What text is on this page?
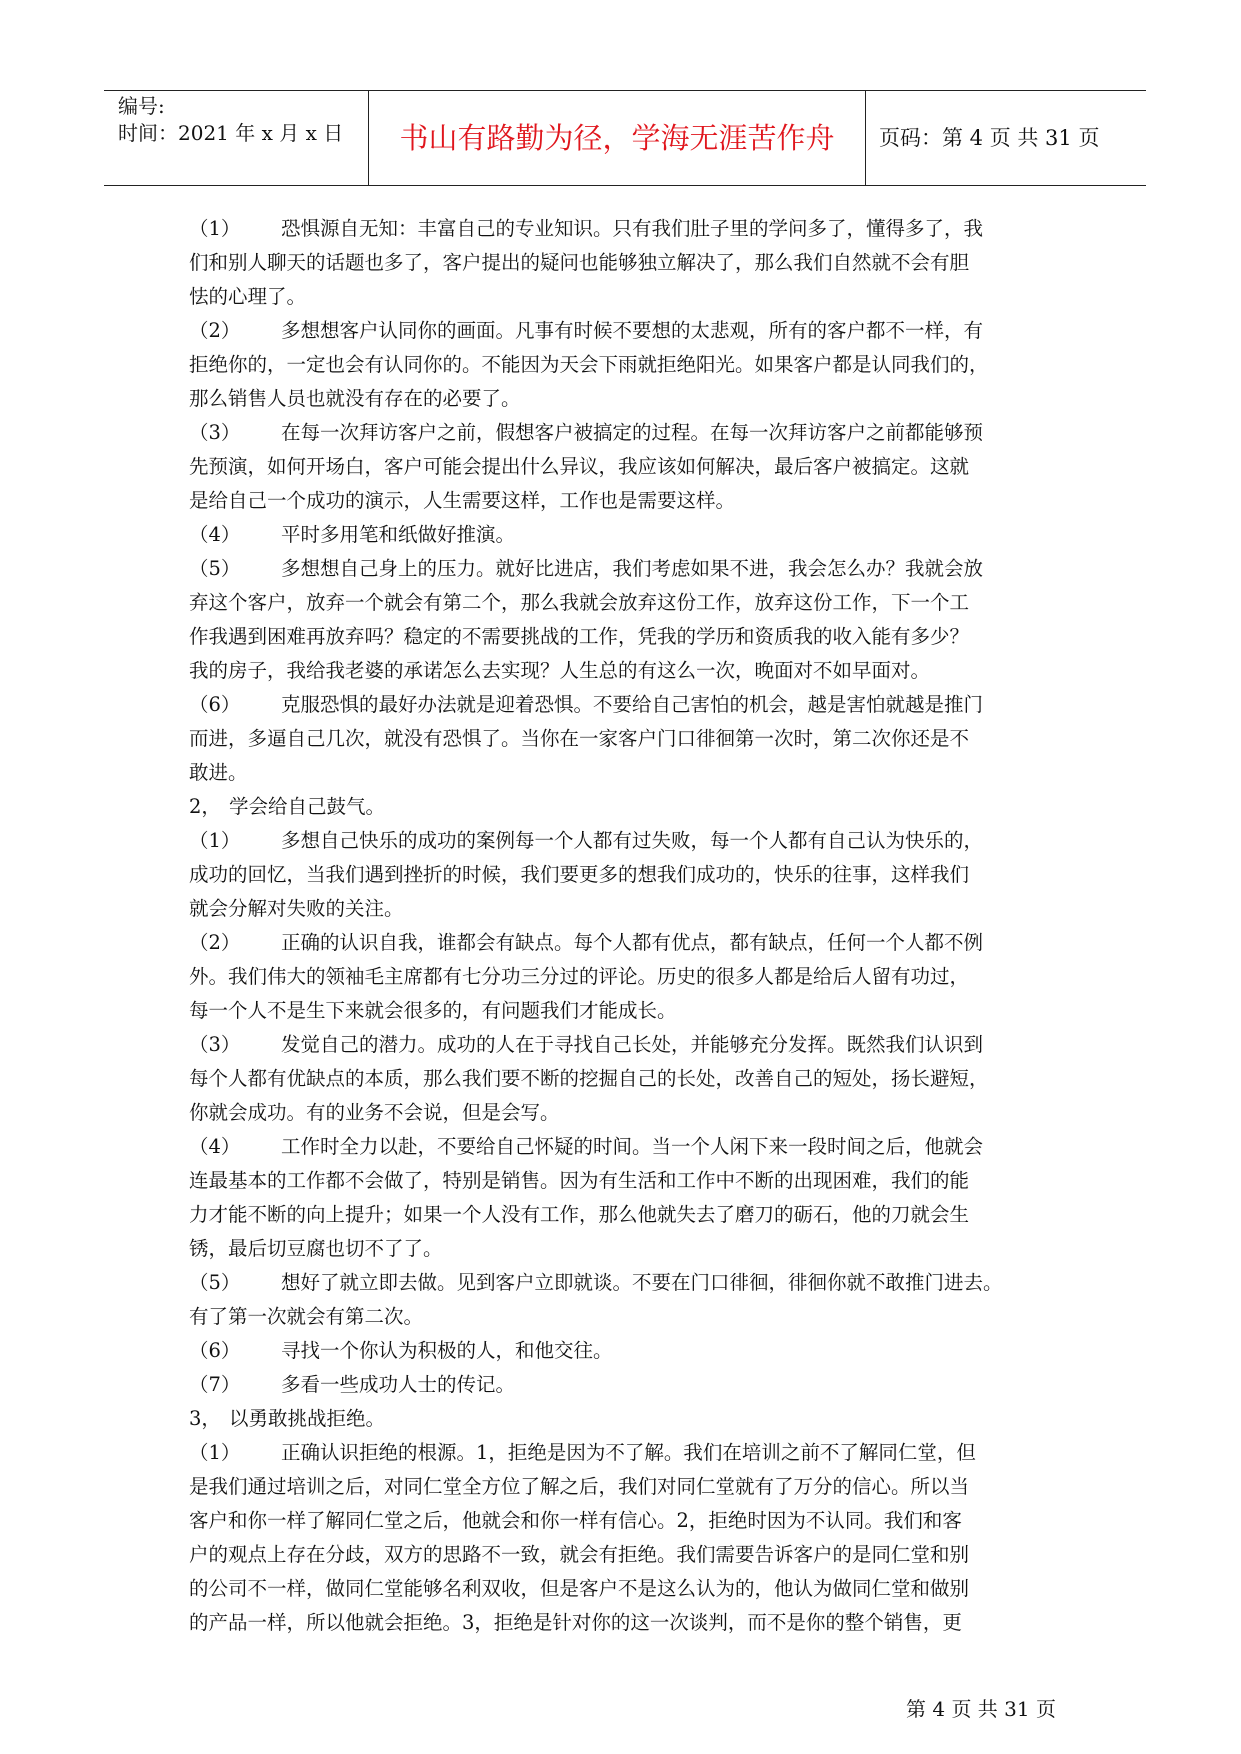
编号:
时间：2021 年 x 月 x 日	书山有路勤为径，学海无涯苦作舟	页码：第 4 页 共 31 页
（1） 恐惧源自无知：丰富自己的专业知识。只有我们肚子里的学问多了，懂得多了，我
们和别人聊天的话题也多了，客户提出的疑问也能够独立解决了，那么我们自然就不会有胆
怯的心理了。
（2） 多想想客户认同你的画面。凡事有时候不要想的太悲观，所有的客户都不一样，有
拒绝你的，一定也会有认同你的。不能因为天会下雨就拒绝阳光。如果客户都是认同我们的，
那么销售人员也就没有存在的必要了。
（3） 在每一次拜访客户之前，假想客户被搞定的过程。在每一次拜访客户之前都能够预
先预演，如何开场白，客户可能会提出什么异议，我应该如何解决，最后客户被搞定。这就
是给自己一个成功的演示，人生需要这样，工作也是需要这样。
（4） 平时多用笔和纸做好推演。
（5） 多想想自己身上的压力。就好比进店，我们考虑如果不进，我会怎么办？我就会放
弃这个客户，放弃一个就会有第二个，那么我就会放弃这份工作，放弃这份工作，下一个工
作我遇到困难再放弃吗？稳定的不需要挑战的工作，凭我的学历和资质我的收入能有多少？
我的房子，我给我老婆的承诺怎么去实现？人生总的有这么一次，晚面对不如早面对。
（6） 克服恐惧的最好办法就是迎着恐惧。不要给自己害怕的机会，越是害怕就越是推门
而进，多逼自己几次，就没有恐惧了。当你在一家客户门口徘徊第一次时，第二次你还是不
敢进。
2， 学会给自己鼓气。
（1） 多想自己快乐的成功的案例每一个人都有过失败，每一个人都有自己认为快乐的，
成功的回忆，当我们遇到挫折的时候，我们要更多的想我们成功的，快乐的往事，这样我们
就会分解对失败的关注。
（2） 正确的认识自我，谁都会有缺点。每个人都有优点，都有缺点，任何一个人都不例
外。我们伟大的领袖毛主席都有七分功三分过的评论。历史的很多人都是给后人留有功过，
每一个人不是生下来就会很多的，有问题我们才能成长。
（3） 发觉自己的潜力。成功的人在于寻找自己长处，并能够充分发挥。既然我们认识到
每个人都有优缺点的本质，那么我们要不断的挖掘自己的长处，改善自己的短处，扬长避短，
你就会成功。有的业务不会说，但是会写。
（4） 工作时全力以赴，不要给自己怀疑的时间。当一个人闲下来一段时间之后，他就会
连最基本的工作都不会做了，特别是销售。因为有生活和工作中不断的出现困难，我们的能
力才能不断的向上提升；如果一个人没有工作，那么他就失去了磨刀的砺石，他的刀就会生
锈，最后切豆腐也切不了了。
（5） 想好了就立即去做。见到客户立即就谈。不要在门口徘徊，徘徊你就不敢推门进去。
有了第一次就会有第二次。
（6） 寻找一个你认为积极的人，和他交往。
（7） 多看一些成功人士的传记。
3， 以勇敢挑战拒绝。
（1） 正确认识拒绝的根源。1，拒绝是因为不了解。我们在培训之前不了解同仁堂，但
是我们通过培训之后，对同仁堂全方位了解之后，我们对同仁堂就有了万分的信心。所以当
客户和你一样了解同仁堂之后，他就会和你一样有信心。2，拒绝时因为不认同。我们和客
户的观点上存在分歧，双方的思路不一致，就会有拒绝。我们需要告诉客户的是同仁堂和别
的公司不一样，做同仁堂能够名利双收，但是客户不是这么认为的，他认为做同仁堂和做别
的产品一样，所以他就会拒绝。3，拒绝是针对你的这一次谈判，而不是你的整个销售，更
第 4 页 共 31 页
